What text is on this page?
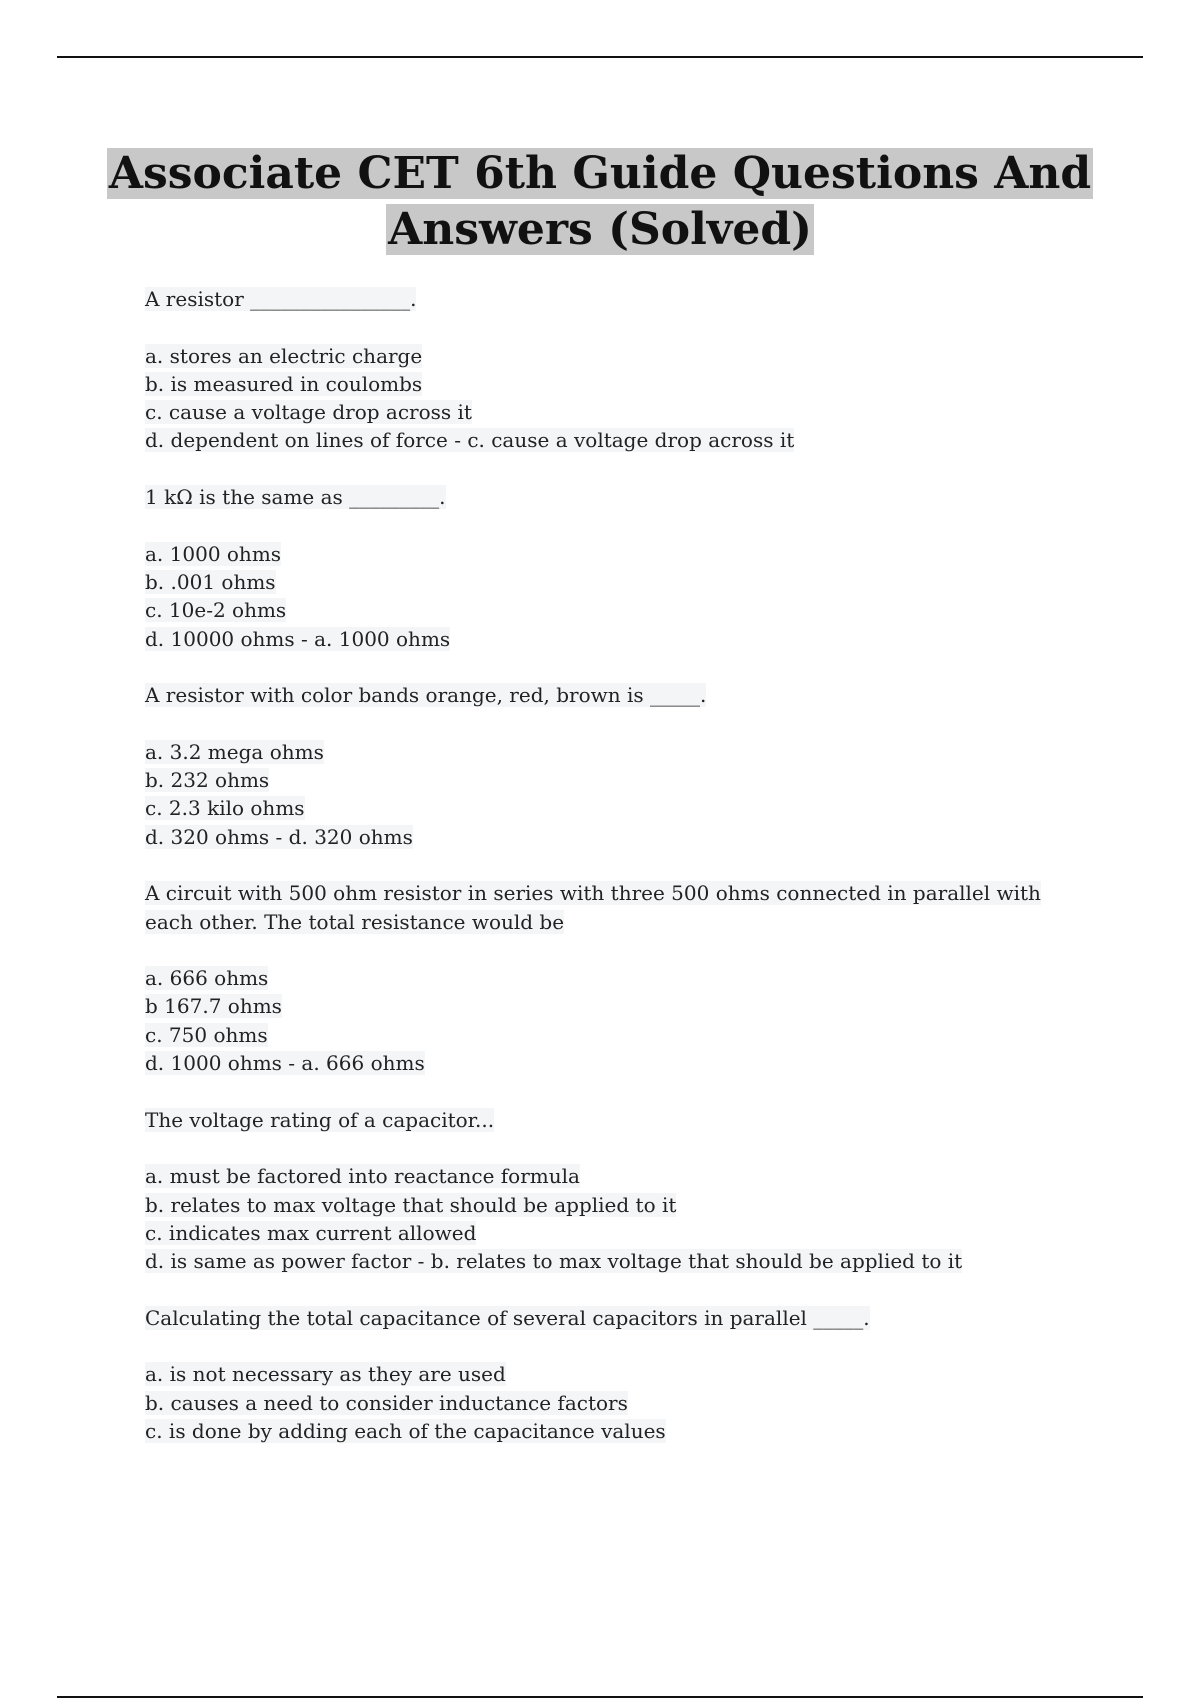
Associate CET 6th Guide Questions And
Answers (Solved)
A resistor ________________.
a. stores an electric charge
b. is measured in coulombs
c. cause a voltage drop across it
d. dependent on lines of force - c. cause a voltage drop across it
1 kΩ is the same as _________.
a. 1000 ohms
b. .001 ohms
c. 10e-2 ohms
d. 10000 ohms - a. 1000 ohms
A resistor with color bands orange, red, brown is _____.
a. 3.2 mega ohms
b. 232 ohms
c. 2.3 kilo ohms
d. 320 ohms - d. 320 ohms
A circuit with 500 ohm resistor in series with three 500 ohms connected in parallel with
each other. The total resistance would be
a. 666 ohms
b 167.7 ohms
c. 750 ohms
d. 1000 ohms - a. 666 ohms
The voltage rating of a capacitor...
a. must be factored into reactance formula
b. relates to max voltage that should be applied to it
c. indicates max current allowed
d. is same as power factor - b. relates to max voltage that should be applied to it
Calculating the total capacitance of several capacitors in parallel _____.
a. is not necessary as they are used
b. causes a need to consider inductance factors
c. is done by adding each of the capacitance values
